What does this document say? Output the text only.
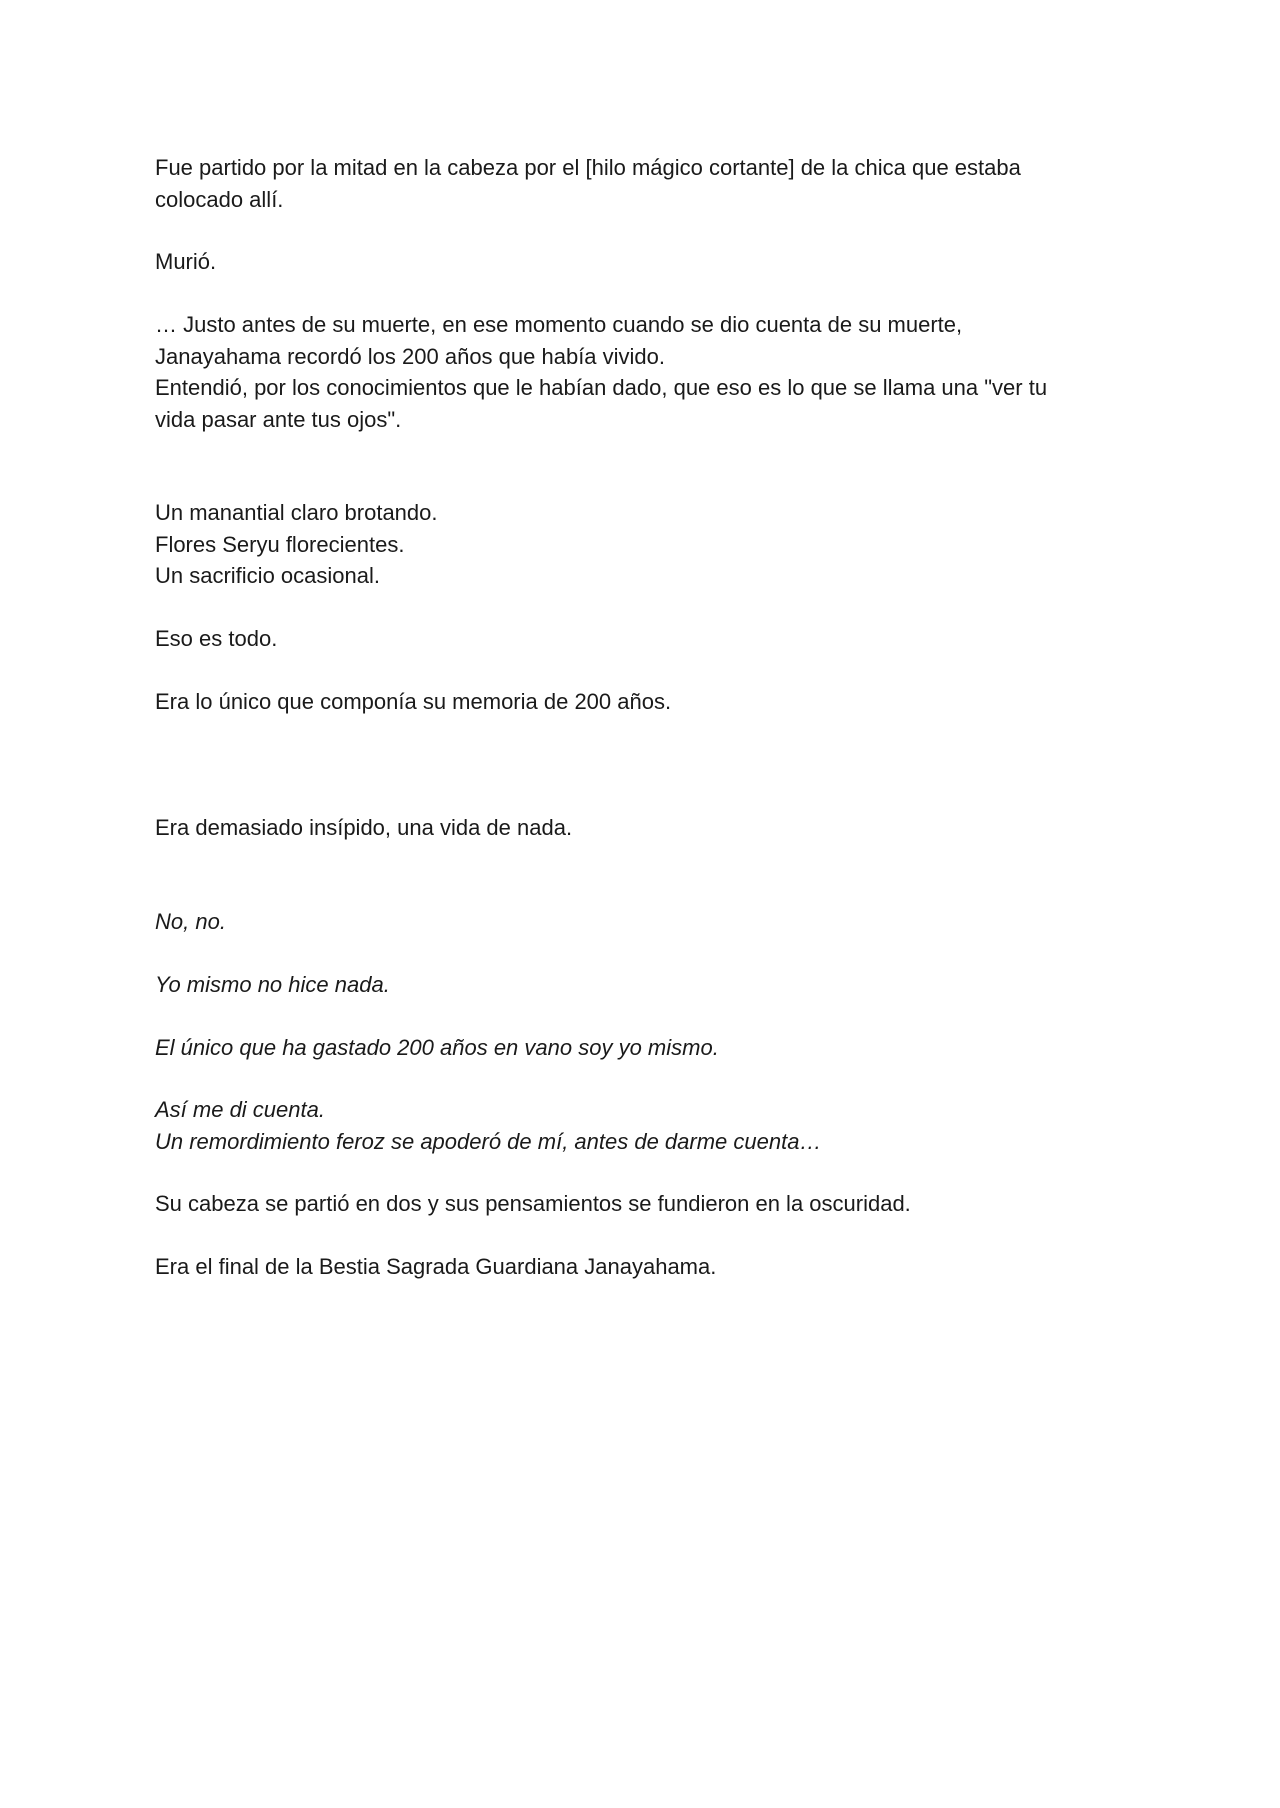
Fue partido por la mitad en la cabeza por el [hilo mágico cortante] de la chica que estaba
colocado allí.

Murió.

… Justo antes de su muerte, en ese momento cuando se dio cuenta de su muerte,
Janayahama recordó los 200 años que había vivido.
Entendió, por los conocimientos que le habían dado, que eso es lo que se llama una "ver tu
vida pasar ante tus ojos".

Un manantial claro brotando.
Flores Seryu florecientes.
Un sacrificio ocasional.

Eso es todo.

Era lo único que componía su memoria de 200 años.

Era demasiado insípido, una vida de nada.

No, no.

Yo mismo no hice nada.

El único que ha gastado 200 años en vano soy yo mismo.

Así me di cuenta.
Un remordimiento feroz se apoderó de mí, antes de darme cuenta…

Su cabeza se partió en dos y sus pensamientos se fundieron en la oscuridad.

Era el final de la Bestia Sagrada Guardiana Janayahama.
